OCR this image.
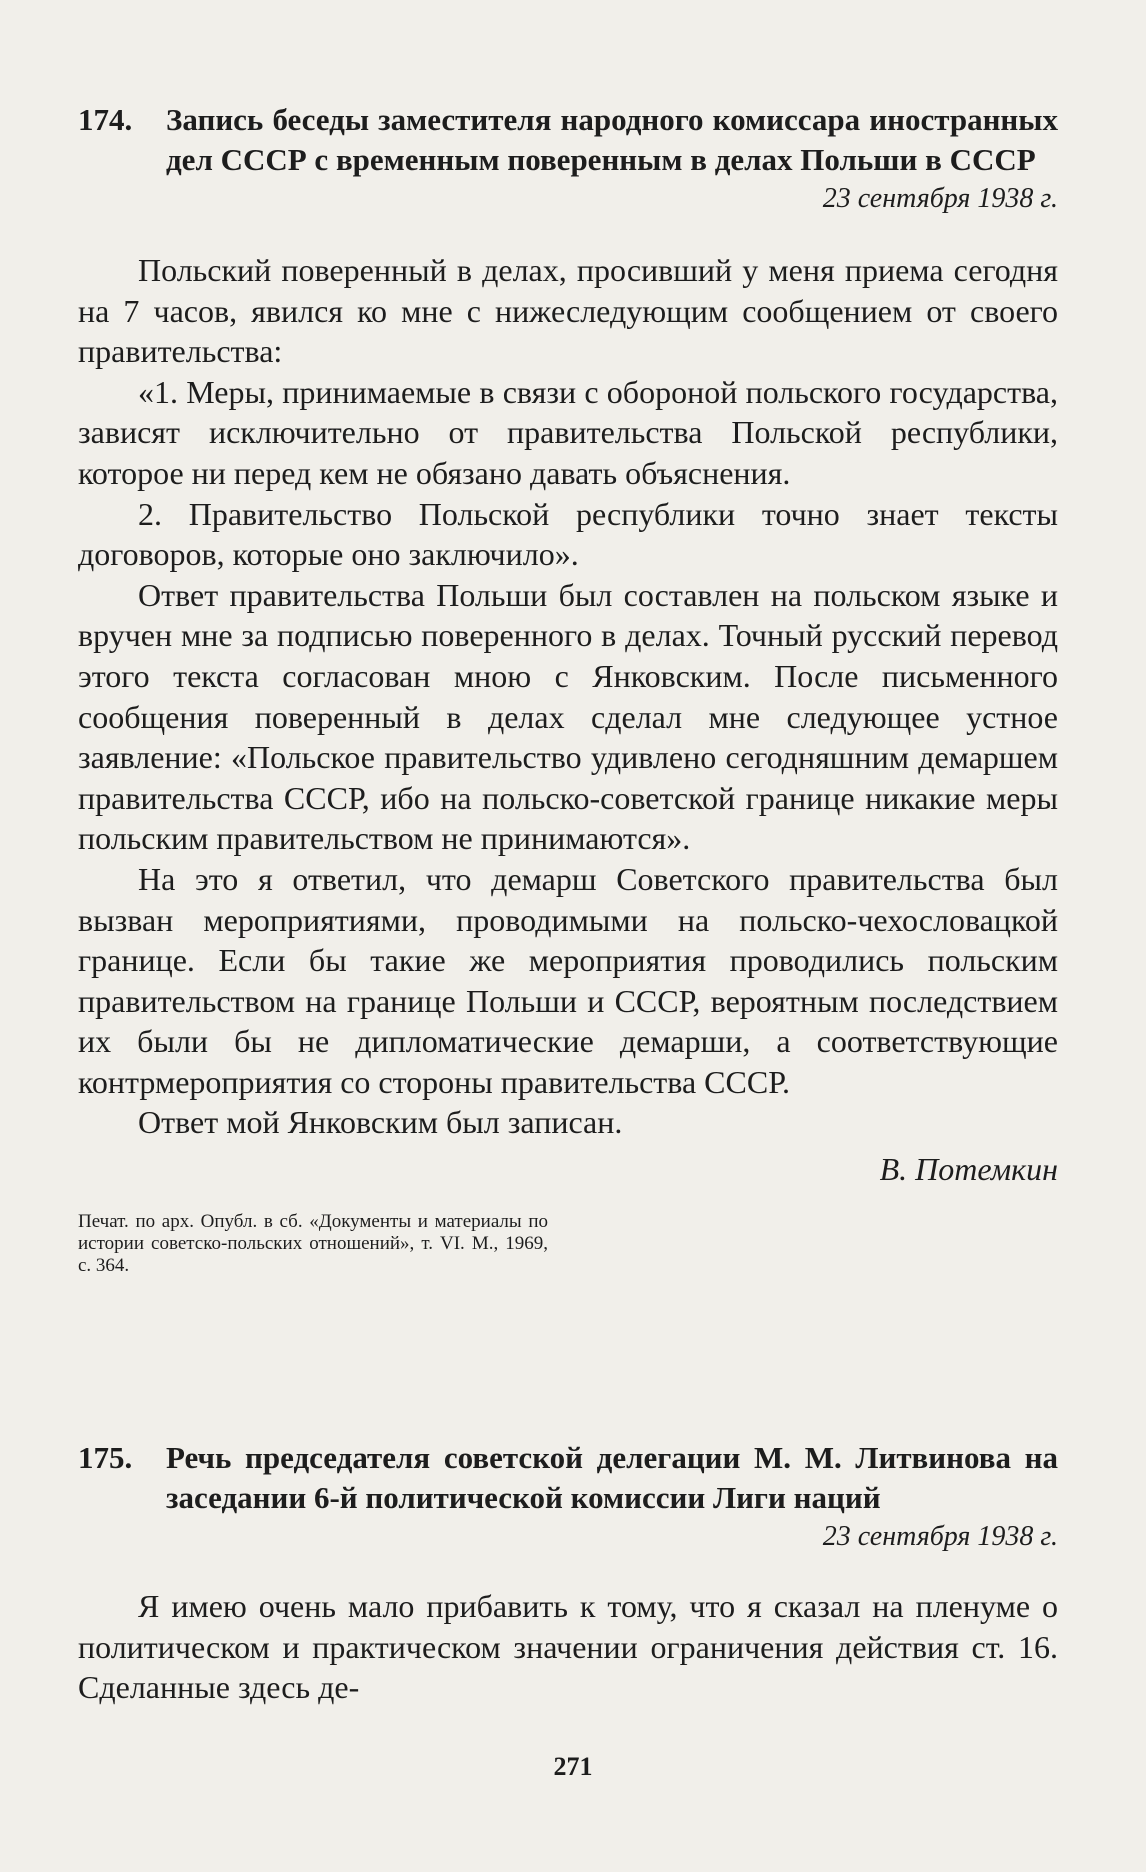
174.	Запись беседы заместителя народного комиссара иностранных дел СССР с временным поверенным в делах Польши в СССР
23 сентября 1938 г.

Польский поверенный в делах, просивший у меня приема сегодня на 7 часов, явился ко мне с нижеследующим сообщением от своего правительства:

«1. Меры, принимаемые в связи с обороной польского государства, зависят исключительно от правительства Польской республики, которое ни перед кем не обязано давать объяснения.

2. Правительство Польской республики точно знает тексты договоров, которые оно заключило».

Ответ правительства Польши был составлен на польском языке и вручен мне за подписью поверенного в делах. Точный русский перевод этого текста согласован мною с Янковским. После письменного сообщения поверенный в делах сделал мне следующее устное заявление: «Польское правительство удивлено сегодняшним демаршем правительства СССР, ибо на польско-советской границе никакие меры польским правительством не принимаются».

На это я ответил, что демарш Советского правительства был вызван мероприятиями, проводимыми на польско-чехословацкой границе. Если бы такие же мероприятия проводились польским правительством на границе Польши и СССР, вероятным последствием их были бы не дипломатические демарши, а соответствующие контрмероприятия со стороны правительства СССР.

Ответ мой Янковским был записан.

В. Потемкин
Печат. по арх. Опубл. в сб. «Документы и материалы по истории советско-польских отношений», т. VI. М., 1969, с. 364.
175.	Речь председателя советской делегации М. М. Литвинова на заседании 6-й политической комиссии Лиги наций
23 сентября 1938 г.

Я имею очень мало прибавить к тому, что я сказал на пленуме о политическом и практическом значении ограничения действия ст. 16. Сделанные здесь де-

271
